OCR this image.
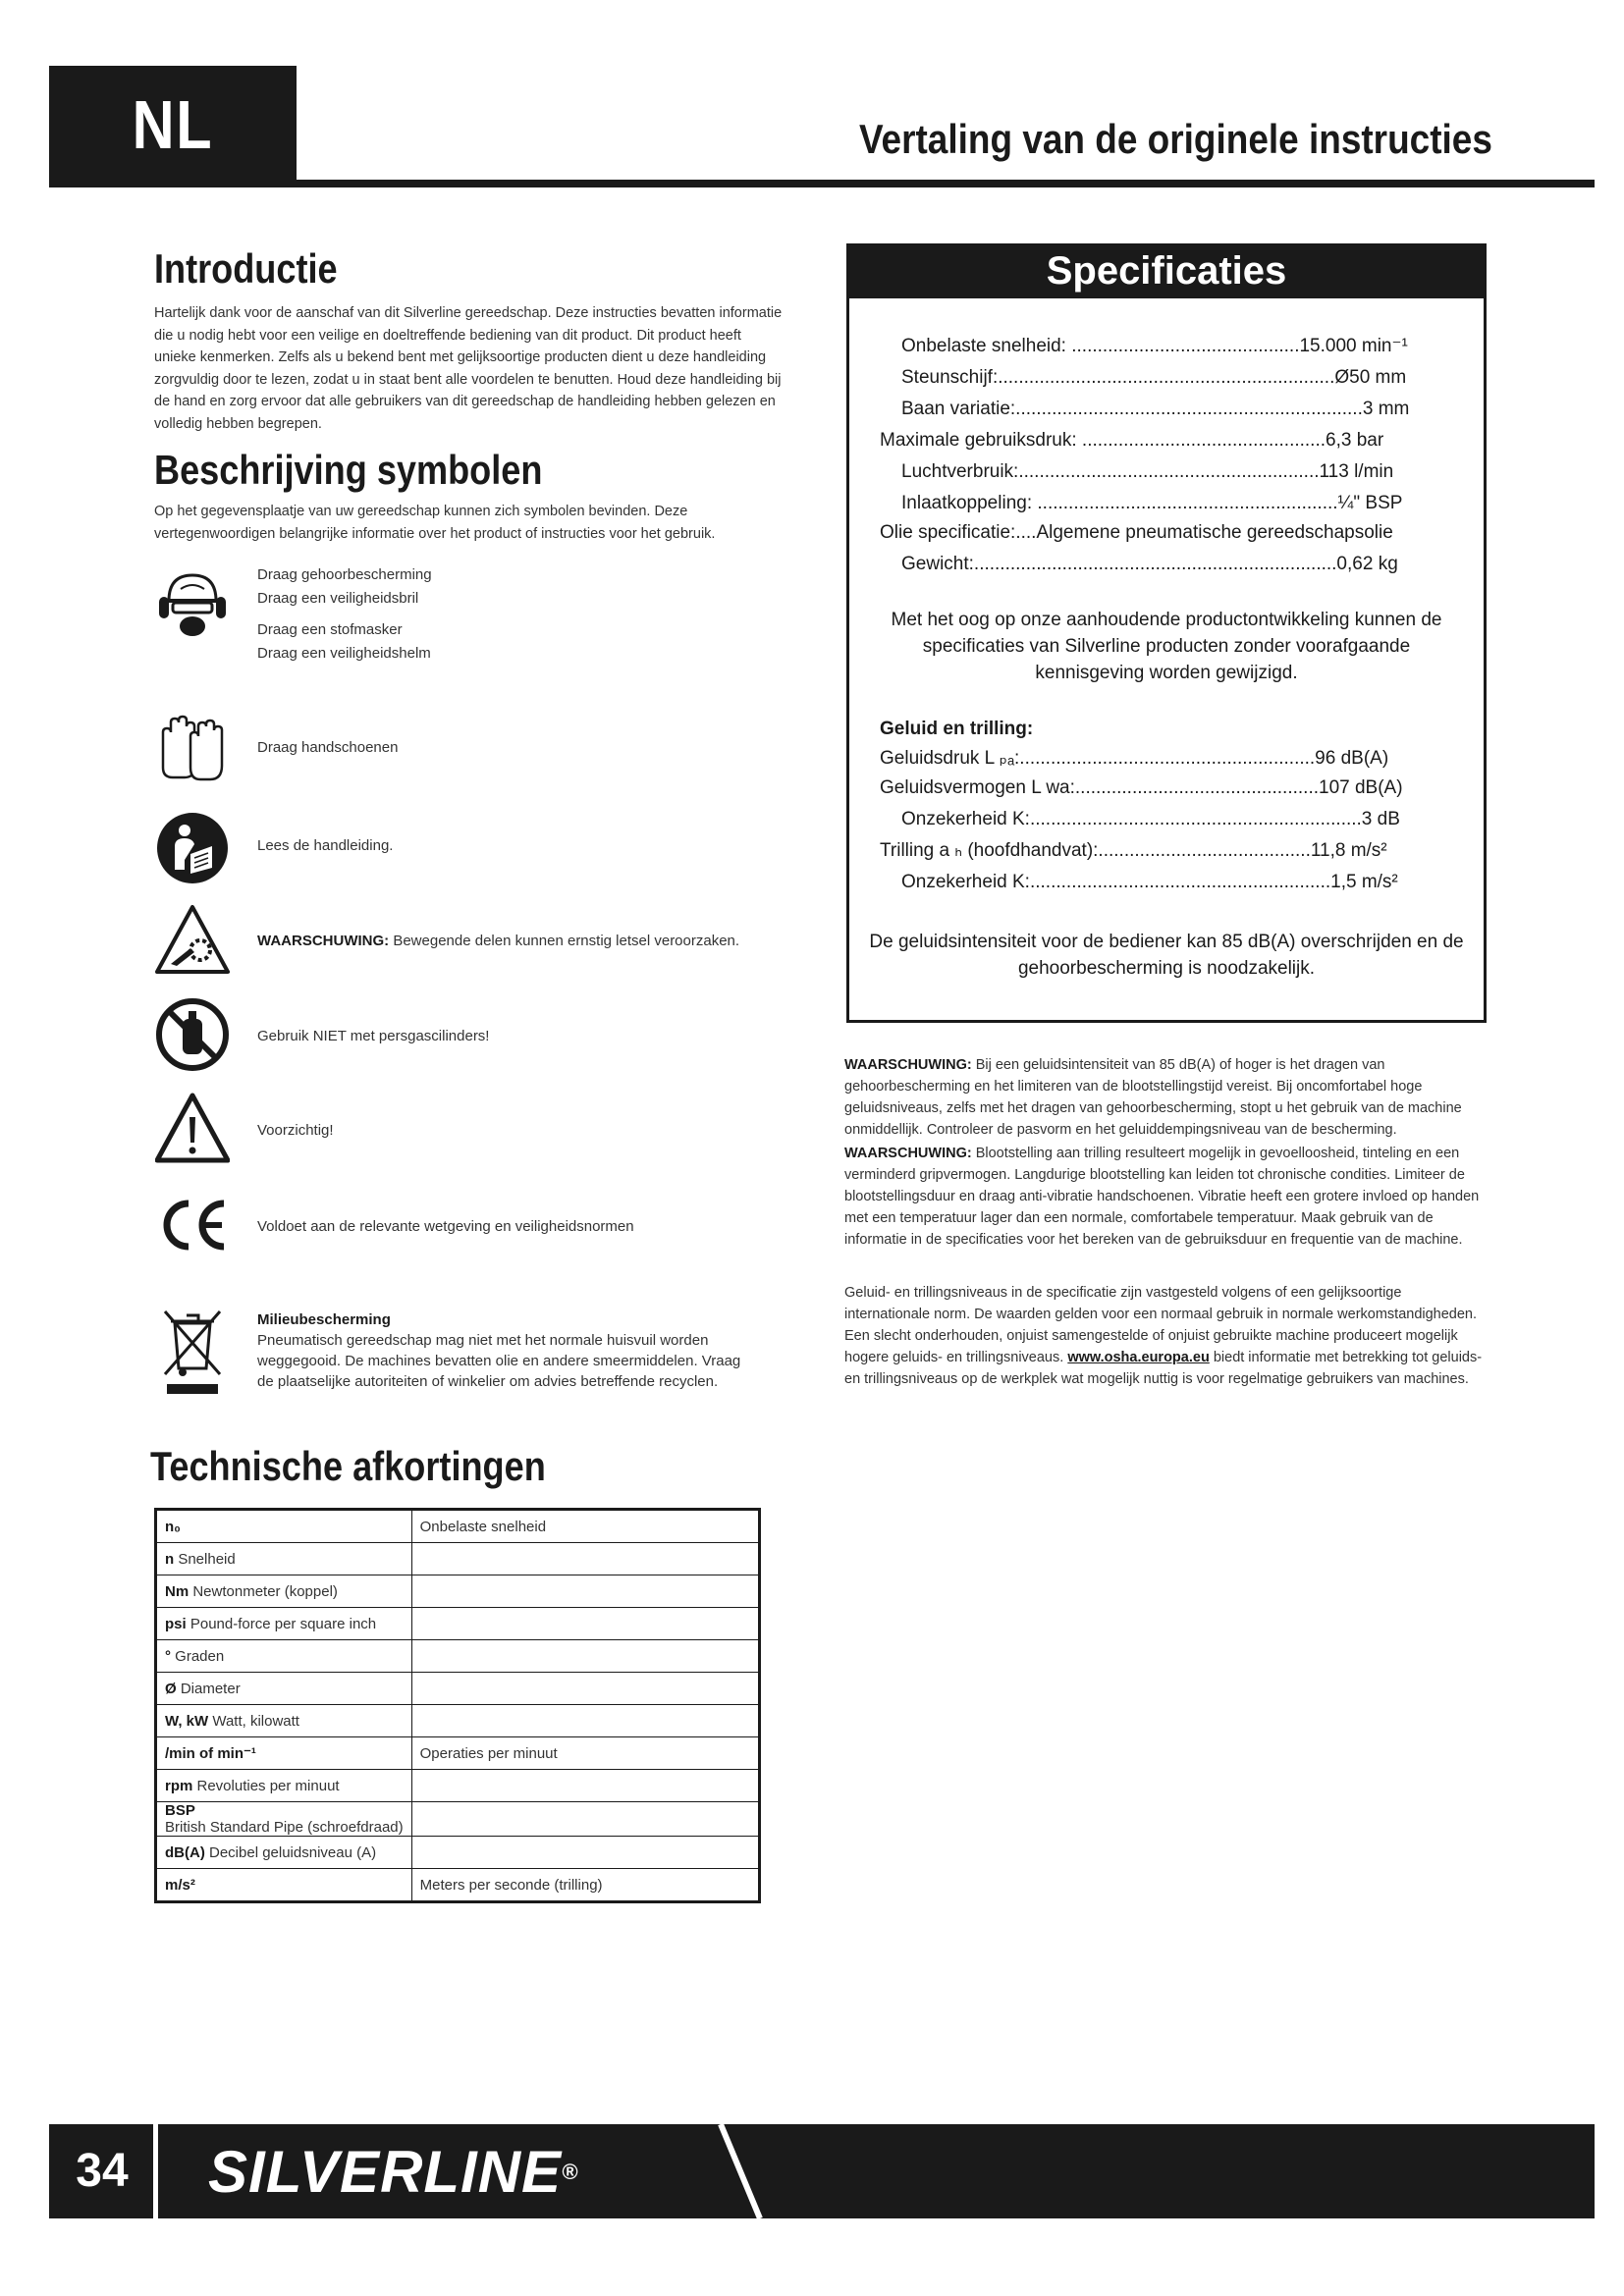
NL	Vertaling van de originele instructies
Introductie

Hartelijk dank voor de aanschaf van dit Silverline gereedschap. Deze instructies bevatten informatie die u nodig hebt voor een veilige en doeltreffende bediening van dit product. Dit product heeft unieke kenmerken. Zelfs als u bekend bent met gelijksoortige producten dient u deze handleiding zorgvuldig door te lezen, zodat u in staat bent alle voordelen te benutten. Houd deze handleiding bij de hand en zorg ervoor dat alle gebruikers van dit gereedschap de handleiding hebben gelezen en volledig hebben begrepen.

Beschrijving symbolen

Op het gegevensplaatje van uw gereedschap kunnen zich symbolen bevinden. Deze vertegenwoordigen belangrijke informatie over het product of instructies voor het gebruik.

Draag gehoorbescherming
Draag een veiligheidsbril
Draag een stofmasker
Draag een veiligheidshelm
Draag handschoenen
Lees de handleiding.
WAARSCHUWING: Bewegende delen kunnen ernstig letsel veroorzaken.
Gebruik NIET met persgascilinders!
Voorzichtig!
Voldoet aan de relevante wetgeving en veiligheidsnormen
Milieubescherming
Pneumatisch gereedschap mag niet met het normale huisvuil worden weggegooid. De machines bevatten olie en andere smeermiddelen. Vraag de plaatselijke autoriteiten of winkelier om advies betreffende recyclen.
Technische afkortingen
n₀	Onbelaste snelheid
n Snelheid	
Nm Newtonmeter (koppel)	
psi Pound-force per square inch	
° Graden	
Ø Diameter	
W, kW Watt, kilowatt	
/min of min⁻¹	Operaties per minuut
rpm Revoluties per minuut	
BSP British Standard Pipe (schroefdraad)	
dB(A) Decibel geluidsniveau (A)	
m/s²	Meters per seconde (trilling)
Specificaties
Onbelaste snelheid: ............................................15.000 min⁻¹
Steunschijf:.................................................................Ø50 mm
Baan variatie:...................................................................3 mm
Maximale gebruiksdruk: ...............................................6,3 bar
Luchtverbruik:..........................................................113 l/min
Inlaatkoppeling: ..........................................................¼" BSP
Olie specificatie:....Algemene pneumatische gereedschapsolie
Gewicht:......................................................................0,62 kg
Met het oog op onze aanhoudende productontwikkeling kunnen de specificaties van Silverline producten zonder voorafgaande kennisgeving worden gewijzigd.
Geluid en trilling:
Geluidsdruk L ₚₐ:.........................................................96 dB(A)
Geluidsvermogen L wa:...............................................107 dB(A)
Onzekerheid K:................................................................3 dB
Trilling a ₕ (hoofdhandvat):.........................................11,8 m/s²
Onzekerheid K:..........................................................1,5 m/s²
De geluidsintensiteit voor de bediener kan 85 dB(A) overschrijden en de gehoorbescherming is noodzakelijk.

WAARSCHUWING: Bij een geluidsintensiteit van 85 dB(A) of hoger is het dragen van gehoorbescherming en het limiteren van de blootstellingstijd vereist. Bij oncomfortabel hoge geluidsniveaus, zelfs met het dragen van gehoorbescherming, stopt u het gebruik van de machine onmiddellijk. Controleer de pasvorm en het geluiddempingsniveau van de bescherming.

WAARSCHUWING: Blootstelling aan trilling resulteert mogelijk in gevoelloosheid, tinteling en een verminderd gripvermogen. Langdurige blootstelling kan leiden tot chronische condities. Limiteer de blootstellingsduur en draag anti-vibratie handschoenen. Vibratie heeft een grotere invloed op handen met een temperatuur lager dan een normale, comfortabele temperatuur. Maak gebruik van de informatie in de specificaties voor het bereken van de gebruiksduur en frequentie van de machine.

Geluid- en trillingsniveaus in de specificatie zijn vastgesteld volgens of een gelijksoortige internationale norm. De waarden gelden voor een normaal gebruik in normale werkomstandigheden. Een slecht onderhouden, onjuist samengestelde of onjuist gebruikte machine produceert mogelijk hogere geluids- en trillingsniveaus. www.osha.europa.eu biedt informatie met betrekking tot geluids- en trillingsniveaus op de werkplek wat mogelijk nuttig is voor regelmatige gebruikers van machines.

34	SILVERLINE®
